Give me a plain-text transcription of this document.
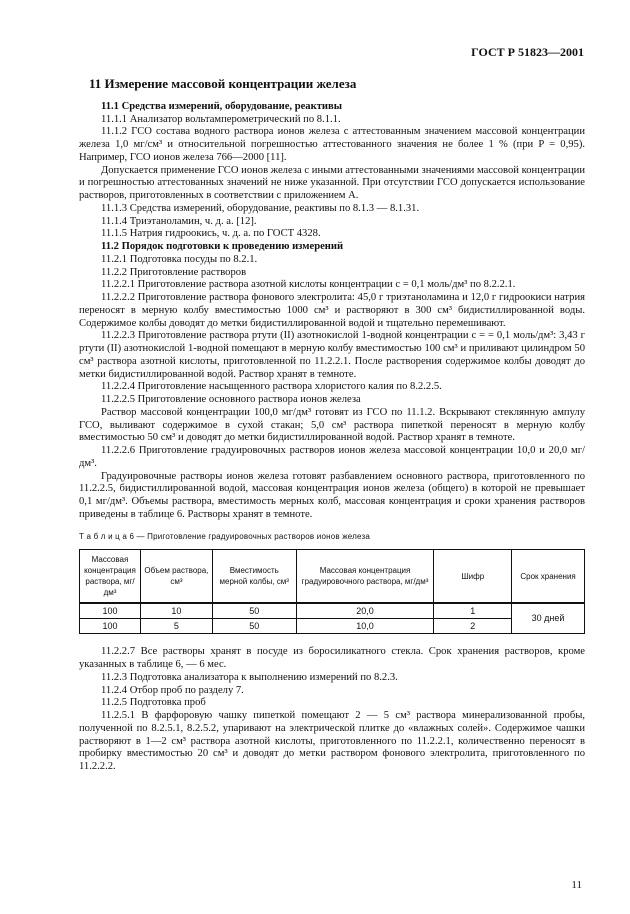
ГОСТ Р 51823—2001
11 Измерение массовой концентрации железа

11.1 Средства измерений, оборудование, реактивы

11.1.1 Анализатор вольтамперометрический по 8.1.1.

11.1.2 ГСО состава водного раствора ионов железа с аттестованным значением массовой концентрации железа 1,0 мг/см³ и относительной погрешностью аттестованного значения не более 1 % (при P = 0,95). Например, ГСО ионов железа 766—2000 [11].

Допускается применение ГСО ионов железа с иными аттестованными значениями массовой концентрации и погрешностью аттестованных значений не ниже указанной. При отсутствии ГСО допускается использование растворов, приготовленных в соответствии с приложением А.

11.1.3 Средства измерений, оборудование, реактивы по 8.1.3 — 8.1.31.

11.1.4 Триэтаноламин, ч. д. а. [12].

11.1.5 Натрия гидроокись, ч. д. а. по ГОСТ 4328.

11.2 Порядок подготовки к проведению измерений

11.2.1 Подготовка посуды по 8.2.1.

11.2.2 Приготовление растворов

11.2.2.1 Приготовление раствора азотной кислоты концентрации c = 0,1 моль/дм³ по 8.2.2.1.

11.2.2.2 Приготовление раствора фонового электролита: 45,0 г триэтаноламина и 12,0 г гидроокиси натрия переносят в мерную колбу вместимостью 1000 см³ и растворяют в 300 см³ бидистиллированной воды. Содержимое колбы доводят до метки бидистиллированной водой и тщательно перемешивают.

11.2.2.3 Приготовление раствора ртути (II) азотнокислой 1-водной концентрации c = = 0,1 моль/дм³: 3,43 г ртути (II) азотнокислой 1-водной помещают в мерную колбу вместимостью 100 см³ и приливают цилиндром 50 см³ раствора азотной кислоты, приготовленной по 11.2.2.1. После растворения содержимое колбы доводят до метки бидистиллированной водой. Раствор хранят в темноте.

11.2.2.4 Приготовление насыщенного раствора хлористого калия по 8.2.2.5.

11.2.2.5 Приготовление основного раствора ионов железа

Раствор массовой концентрации 100,0 мг/дм³ готовят из ГСО по 11.1.2. Вскрывают стеклянную ампулу ГСО, выливают содержимое в сухой стакан; 5,0 см³ раствора пипеткой переносят в мерную колбу вместимостью 50 см³ и доводят до метки бидистиллированной водой. Раствор хранят в темноте.

11.2.2.6 Приготовление градуировочных растворов ионов железа массовой концентрации 10,0 и 20,0 мг/дм³.

Градуировочные растворы ионов железа готовят разбавлением основного раствора, приготовленного по 11.2.2.5, бидистиллированной водой, массовая концентрация ионов железа (общего) в которой не превышает 0,1 мг/дм³. Объемы раствора, вместимость мерных колб, массовая концентрация и сроки хранения растворов приведены в таблице 6. Растворы хранят в темноте.

Т а б л и ц а 6 — Приготовление градуировочных растворов ионов железа

Массовая концентрация раствора, мг/дм³	Объем раствора, см³	Вместимость мерной колбы, см³	Массовая концентрация градуировочного раствора, мг/дм³	Шифр	Срок хранения
100	10	50	20,0	1	30 дней
100	5	50	10,0	2	

11.2.2.7 Все растворы хранят в посуде из боросиликатного стекла. Срок хранения растворов, кроме указанных в таблице 6, — 6 мес.

11.2.3 Подготовка анализатора к выполнению измерений по 8.2.3.

11.2.4 Отбор проб по разделу 7.

11.2.5 Подготовка проб

11.2.5.1 В фарфоровую чашку пипеткой помещают 2 — 5 см³ раствора минерализованной пробы, полученной по 8.2.5.1, 8.2.5.2, упаривают на электрической плитке до «влажных солей». Содержимое чашки растворяют в 1—2 см³ раствора азотной кислоты, приготовленного по 11.2.2.1, количественно переносят в пробирку вместимостью 20 см³ и доводят до метки раствором фонового электролита, приготовленного по 11.2.2.2.

11
